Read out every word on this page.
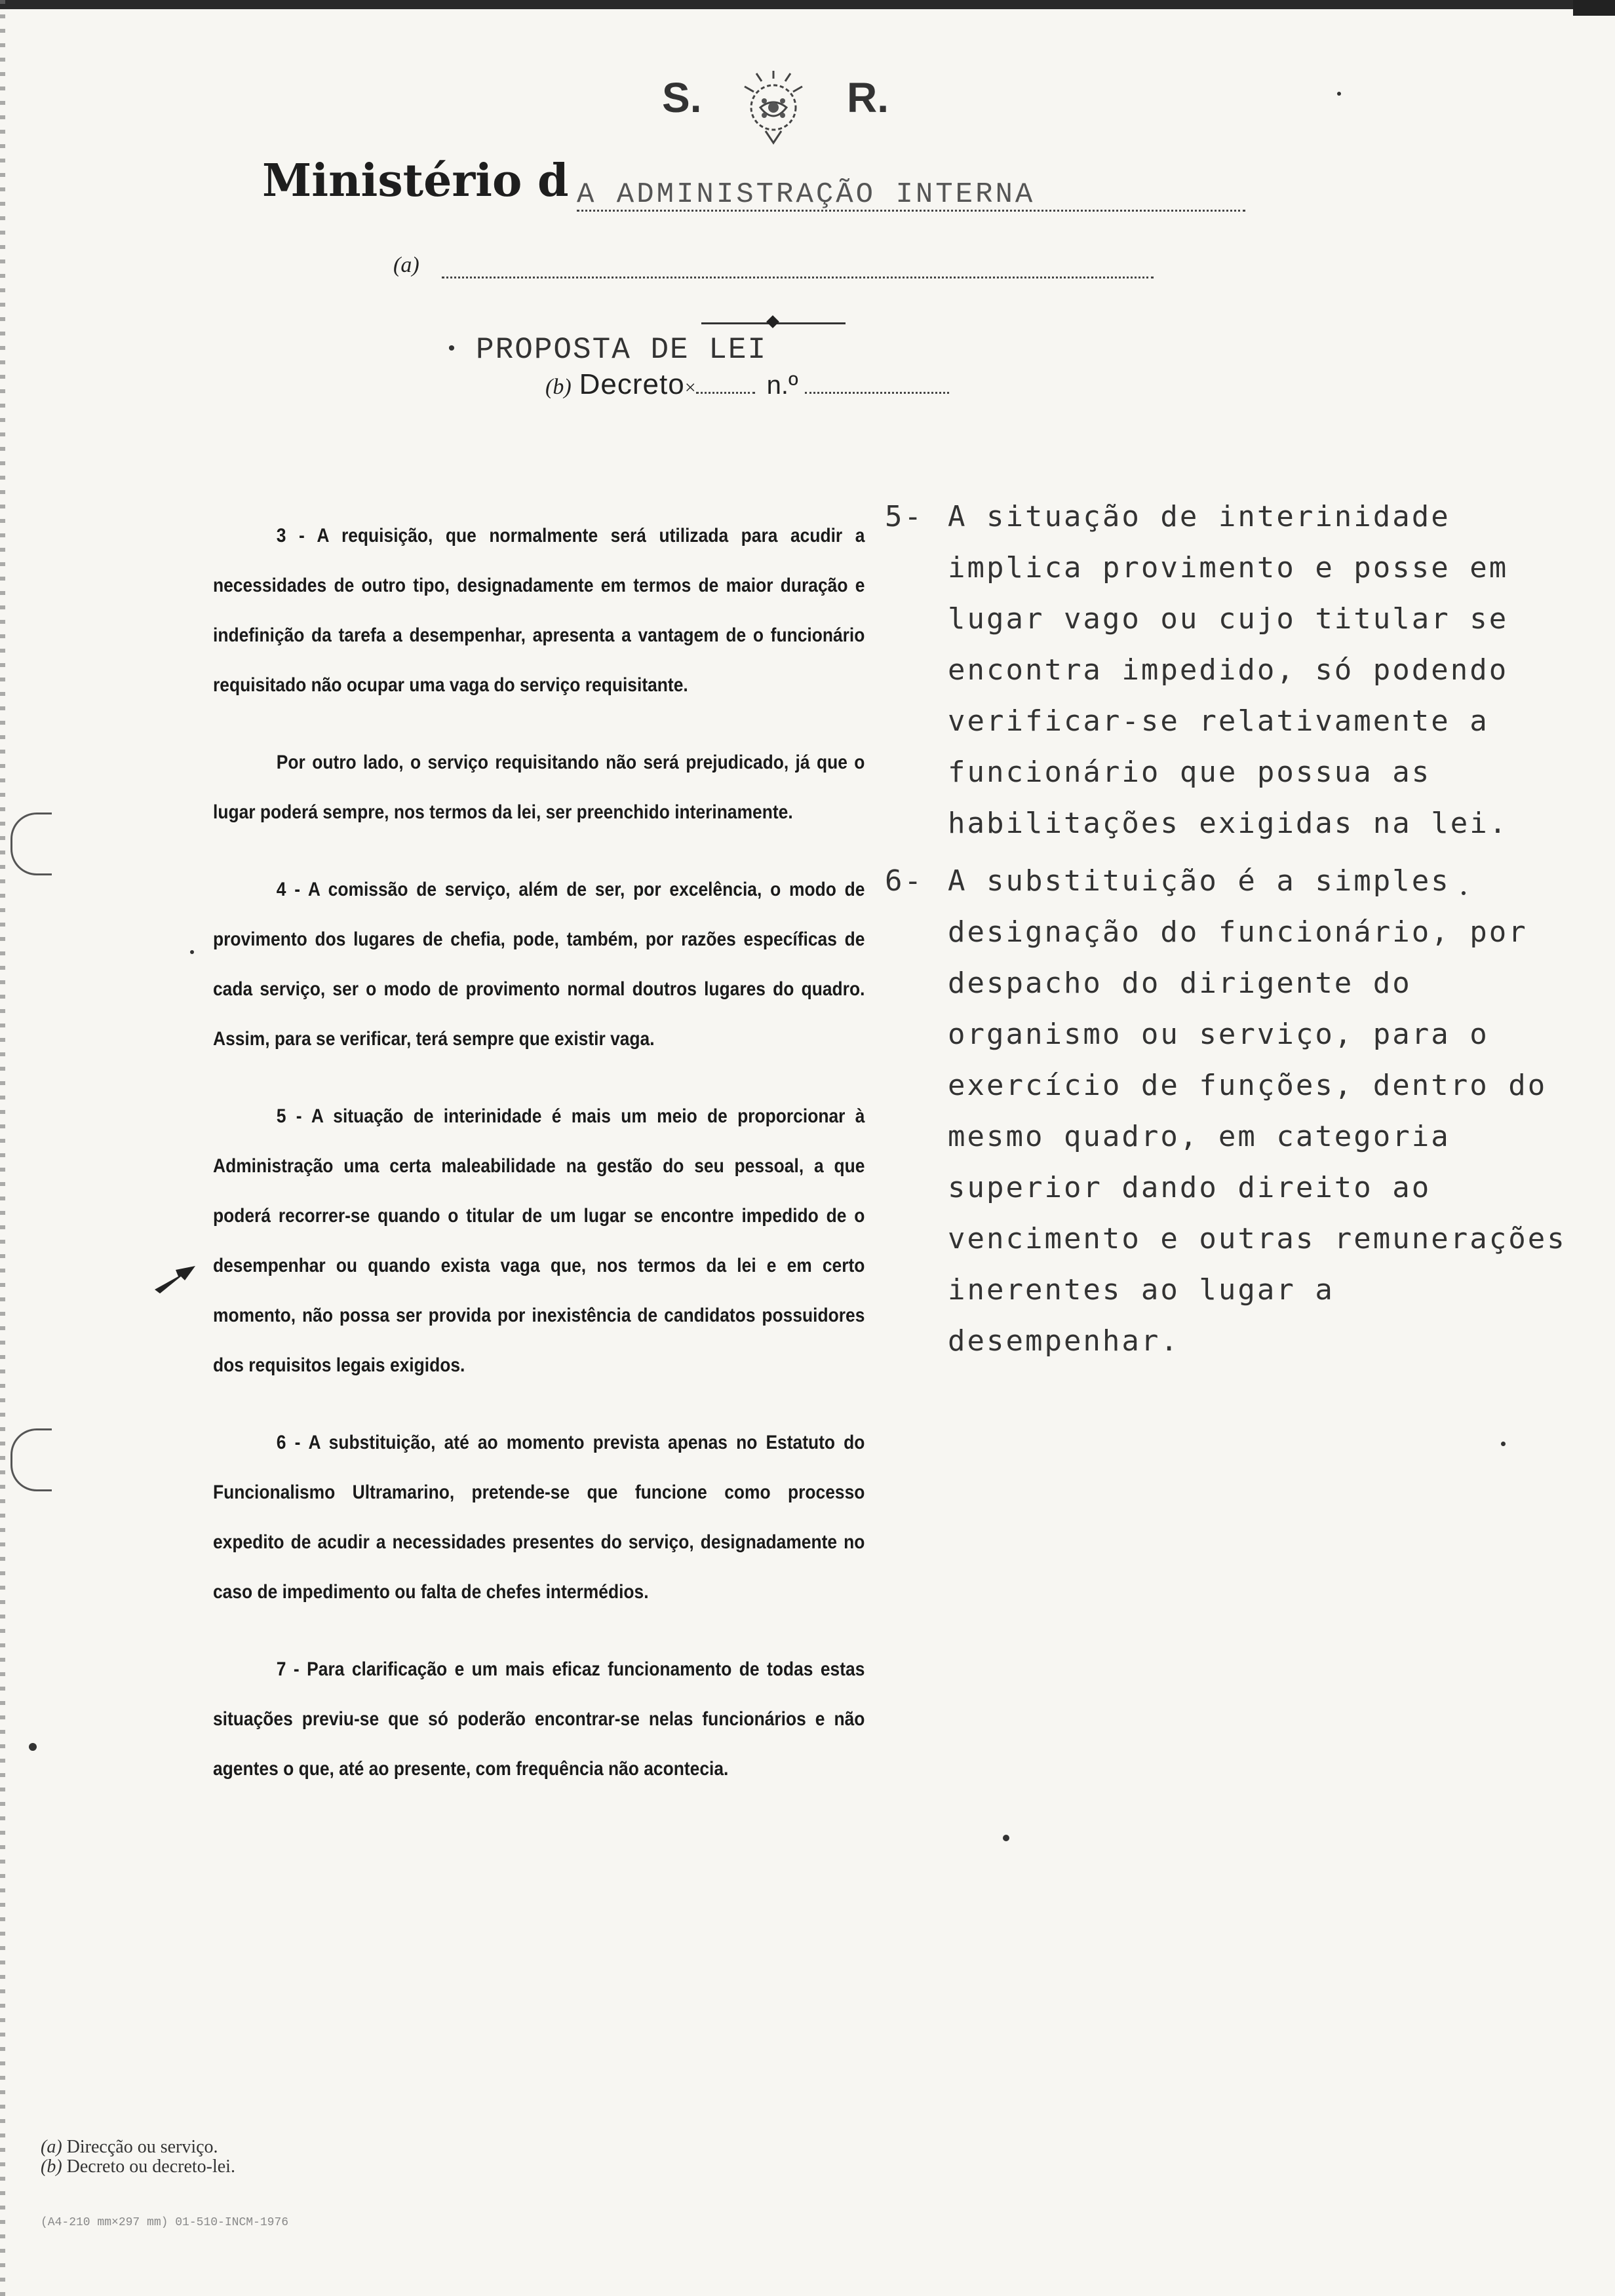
S.	R.
Ministério d A ADMINISTRAÇÃO INTERNA
(a)
• PROPOSTA DE LEI
(b) Decreto×	n.º

3 - A requisição, que normalmente será utilizada para acudir a necessidades de outro tipo, designadamente em termos de maior duração e indefinição da tarefa a desempenhar, apresenta a vantagem de o funcionário requisitado não ocupar uma vaga do serviço requisitante.

Por outro lado, o serviço requisitando não será prejudicado, já que o lugar poderá sempre, nos termos da lei, ser preenchido interinamente.

4 - A comissão de serviço, além de ser, por excelência, o modo de provimento dos lugares de chefia, pode, também, por razões específicas de cada serviço, ser o modo de provimento normal doutros lugares do quadro. Assim, para se verificar, terá sempre que existir vaga.

5 - A situação de interinidade é mais um meio de proporcionar à Administração uma certa maleabilidade na gestão do seu pessoal, a que poderá recorrer-se quando o titular de um lugar se encontre impedido de o desempenhar ou quando exista vaga que, nos termos da lei e em certo momento, não possa ser provida por inexistência de candidatos possuidores dos requisitos legais exigidos.

6 - A substituição, até ao momento prevista apenas no Estatuto do Funcionalismo Ultramarino, pretende-se que funcione como processo expedito de acudir a necessidades presentes do serviço, designadamente no caso de impedimento ou falta de chefes intermédios.

7 - Para clarificação e um mais eficaz funcionamento de todas estas situações previu-se que só poderão encontrar-se nelas funcionários e não agentes o que, até ao presente, com frequência não acontecia.

5- A situação de interinidade implica provimento e posse em lugar vago ou cujo titular se encontra impedido, só podendo verificar-se relativamente a funcionário que possua as habilitações exigidas na lei.
6- A substituição é a simples designação do funcionário, por despacho do dirigente do organismo ou serviço, para o exercício de funções, dentro do mesmo quadro, em categoria superior dando direito ao vencimento e outras remunerações inerentes ao lugar a desempenhar.
(a) Direcção ou serviço.
(b) Decreto ou decreto-lei.
(A4-210 mm×297 mm) 01-510-INCM-1976
